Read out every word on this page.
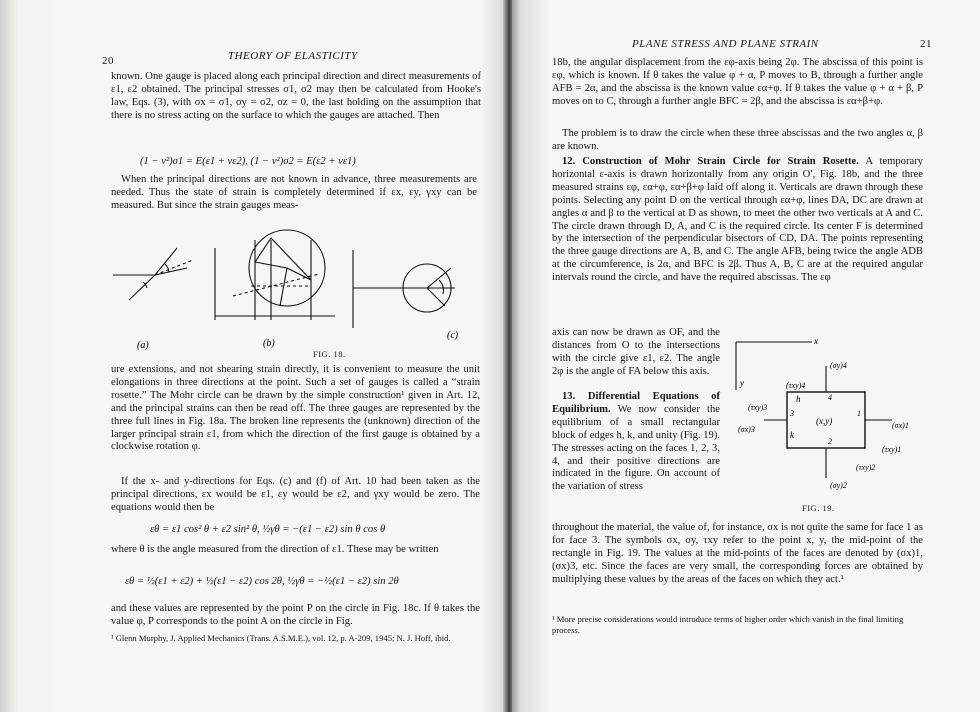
20	THEORY OF ELASTICITY
known. One gauge is placed along each principal direction and direct measurements of ε1, ε2 obtained. The principal stresses σ1, σ2 may then be calculated from Hooke's law, Eqs. (3), with σx = σ1, σy = σ2, σz = 0, the last holding on the assumption that there is no stress acting on the surface to which the gauges are attached. Then
(1 − ν²)σ1 = E(ε1 + νε2), (1 − ν²)σ2 = E(ε2 + νε1)
When the principal directions are not known in advance, three measurements are needed. Thus the state of strain is completely determined if εx, εy, γxy can be measured. But since the strain gauges meas-
(a)	(b)
(c)
FIG. 18.
ure extensions, and not shearing strain directly, it is convenient to measure the unit elongations in three directions at the point. Such a set of gauges is called a “strain rosette.” The Mohr circle can be drawn by the simple construction¹ given in Art. 12, and the principal strains can then be read off. The three gauges are represented by the three full lines in Fig. 18a. The broken line represents the (unknown) direction of the larger principal strain ε1, from which the direction of the first gauge is obtained by a clockwise rotation φ.
If the x- and y-directions for Eqs. (c) and (f) of Art. 10 had been taken as the principal directions, εx would be ε1, εy would be ε2, and γxy would be zero. The equations would then be
εθ = ε1 cos² θ + ε2 sin² θ, ½γθ = −(ε1 − ε2) sin θ cos θ
where θ is the angle measured from the direction of ε1. These may be written
εθ = ½(ε1 + ε2) + ½(ε1 − ε2) cos 2θ, ½γθ = −½(ε1 − ε2) sin 2θ
and these values are represented by the point P on the circle in Fig. 18c. If θ takes the value φ, P corresponds to the point A on the circle in Fig.
¹ Glenn Murphy, J. Applied Mechanics (Trans. A.S.M.E.), vol. 12, p. A-209, 1945; N. J. Hoff, ibid.
PLANE STRESS AND PLANE STRAIN	21
18b, the angular displacement from the εφ-axis being 2φ. The abscissa of this point is εφ, which is known. If θ takes the value φ + α, P moves to B, through a further angle AFB = 2α, and the abscissa is the known value εα+φ. If θ takes the value φ + α + β, P moves on to C, through a further angle BFC = 2β, and the abscissa is εα+β+φ.
The problem is to draw the circle when these three abscissas and the two angles α, β are known.
12. Construction of Mohr Strain Circle for Strain Rosette. A temporary horizontal ε-axis is drawn horizontally from any origin O′, Fig. 18b, and the three measured strains εφ, εα+φ, εα+β+φ laid off along it. Verticals are drawn through these points. Selecting any point D on the vertical through εα+φ, lines DA, DC are drawn at angles α and β to the vertical at D as shown, to meet the other two verticals at A and C. The circle drawn through D, A, and C is the required circle. Its center F is determined by the intersection of the perpendicular bisectors of CD, DA. The points representing the three gauge directions are A, B, and C. The angle AFB, being twice the angle ADB at the circumference, is 2α, and BFC is 2β. Thus A, B, C are at the required angular intervals round the circle, and have the required abscissas. The εφ
axis can now be drawn as OF, and the distances from O to the intersections with the circle give ε1, ε2. The angle 2φ is the angle of FA below this axis.
13. Differential Equations of Equilibrium. We now consider the equilibrium of a small rectangular block of edges h, k, and unity (Fig. 19). The stresses acting on the faces 1, 2, 3, 4, and their positive directions are indicated in the figure. On account of the variation of stress
x
y
h
k
(x,y)
1
2
3
4
(σy)4
(τxy)4
(τxy)3
(σx)3	(σx)1
(τxy)1
(τxy)2
(σy)2
FIG. 19.
throughout the material, the value of, for instance, σx is not quite the same for face 1 as for face 3. The symbols σx, σy, τxy refer to the point x, y, the mid-point of the rectangle in Fig. 19. The values at the mid-points of the faces are denoted by (σx)1, (σx)3, etc. Since the faces are very small, the corresponding forces are obtained by multiplying these values by the areas of the faces on which they act.¹
¹ More precise considerations would introduce terms of higher order which vanish in the final limiting process.
